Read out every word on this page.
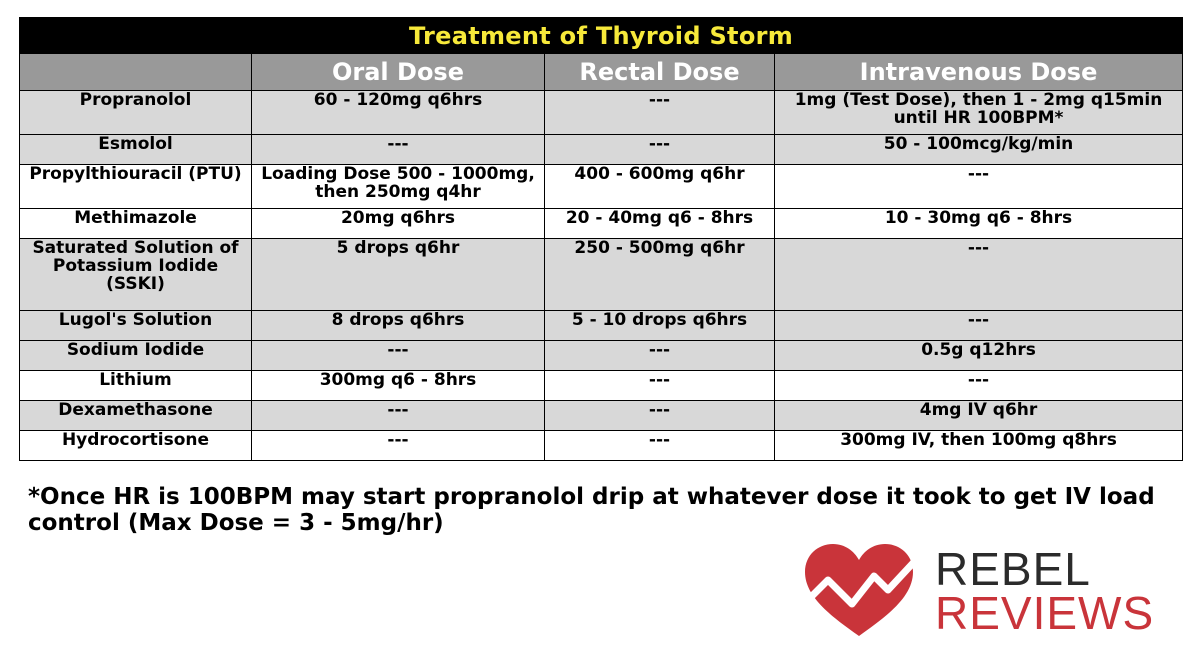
Treatment of Thyroid Storm			
	Oral Dose	Rectal Dose	Intravenous Dose
Propranolol	60 - 120mg q6hrs	---	1mg (Test Dose), then 1 - 2mg q15min until HR 100BPM*
Esmolol	---	---	50 - 100mcg/kg/min
Propylthiouracil (PTU)	Loading Dose 500 - 1000mg, then 250mg q4hr	400 - 600mg q6hr	---
Methimazole	20mg q6hrs	20 - 40mg q6 - 8hrs	10 - 30mg q6 - 8hrs
Saturated Solution of Potassium Iodide (SSKI)	5 drops q6hr	250 - 500mg q6hr	---
Lugol's Solution	8 drops q6hrs	5 - 10 drops q6hrs	---
Sodium Iodide	---	---	0.5g q12hrs
Lithium	300mg q6 - 8hrs	---	---
Dexamethasone	---	---	4mg IV q6hr
Hydrocortisone	---	---	300mg IV, then 100mg q8hrs
*Once HR is 100BPM may start propranolol drip at whatever dose it took to get IV load control (Max Dose = 3 - 5mg/hr)
REBEL
REVIEWS
